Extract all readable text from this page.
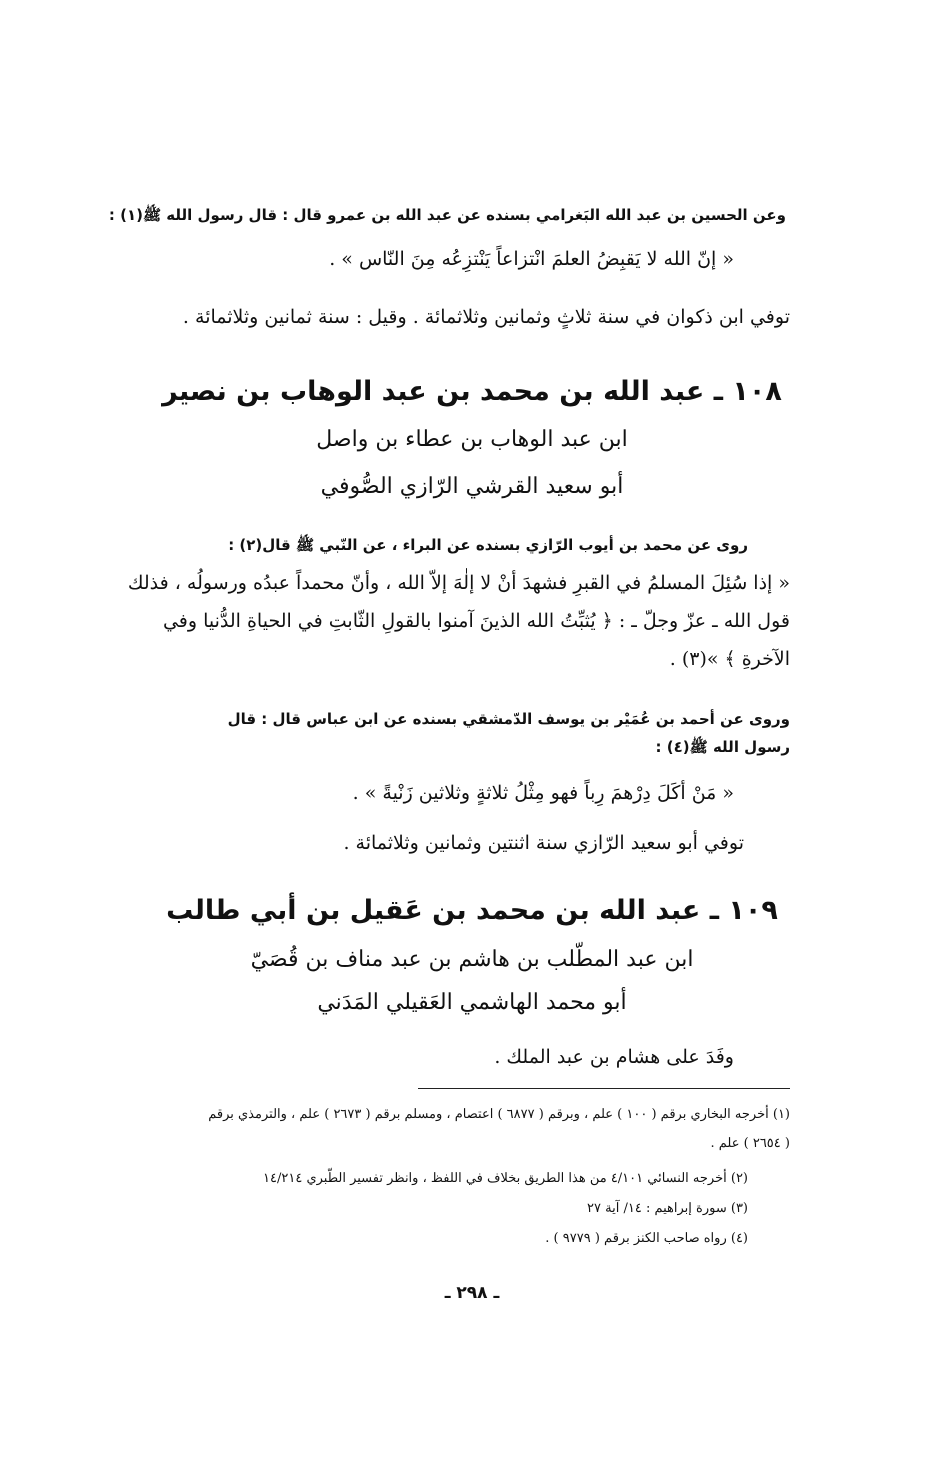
وعن الحسين بن عبد الله البَغرامي بسنده عن عبد الله بن عمرو قال : قال رسول الله ﷺ(١) :

« إنّ الله لا يَقبِضُ العلمَ انْتزاعاً يَنْتزِعُه مِنَ النّاس » .

توفي ابن ذكوان في سنة ثلاثٍ وثمانين وثلاثمائة . وقيل : سنة ثمانين وثلاثمائة .

١٠٨ ـ عبد الله بن محمد بن عبد الوهاب بن نصير

ابن عبد الوهاب بن عطاء بن واصل

أبو سعيد القرشي الرّازي الصُّوفي

روى عن محمد بن أيوب الرّازي بسنده عن البراء ، عن النّبي ﷺ قال(٢) :

« إذا سُئِلَ المسلمُ في القبرِ فشهدَ أنْ لا إلٰهَ إلاّ الله ، وأنّ محمداً عبدُه ورسولُه ، فذلك

قول الله ـ عزّ وجلّ ـ : ﴿ يُثبِّتُ الله الذينَ آمنوا بالقولِ الثّابتِ في الحياةِ الدُّنيا وفي

الآخرةِ ﴾ »(٣) .

وروى عن أحمد بن عُمَيْر بن يوسف الدّمشقي بسنده عن ابن عباس قال : قال

رسول الله ﷺ(٤) :

« مَنْ أكَلَ دِرْهمَ رِباً فهو مِثْلُ ثلاثةٍ وثلاثين زَنْيةً » .

توفي أبو سعيد الرّازي سنة اثنتين وثمانين وثلاثمائة .

١٠٩ ـ عبد الله بن محمد بن عَقيل بن أبي طالب

ابن عبد المطّلب بن هاشم بن عبد مناف بن قُصَيّ

أبو محمد الهاشمي العَقيلي المَدَني

وفَدَ على هشام بن عبد الملك .

(١) أخرجه البخاري برقم ( ١٠٠ ) علم ، وبرقم ( ٦٨٧٧ ) اعتصام ، ومسلم برقم ( ٢٦٧٣ ) علم ، والترمذي برقم

( ٢٦٥٤ ) علم .

(٢) أخرجه النسائي ٤/١٠١ من هذا الطريق بخلاف في اللفظ ، وانظر تفسير الطّبري ١٤/٢١٤

(٣) سورة إبراهيم : ١٤/ آية ٢٧

(٤) رواه صاحب الكنز برقم ( ٩٧٧٩ ) .

ـ ٢٩٨ ـ
